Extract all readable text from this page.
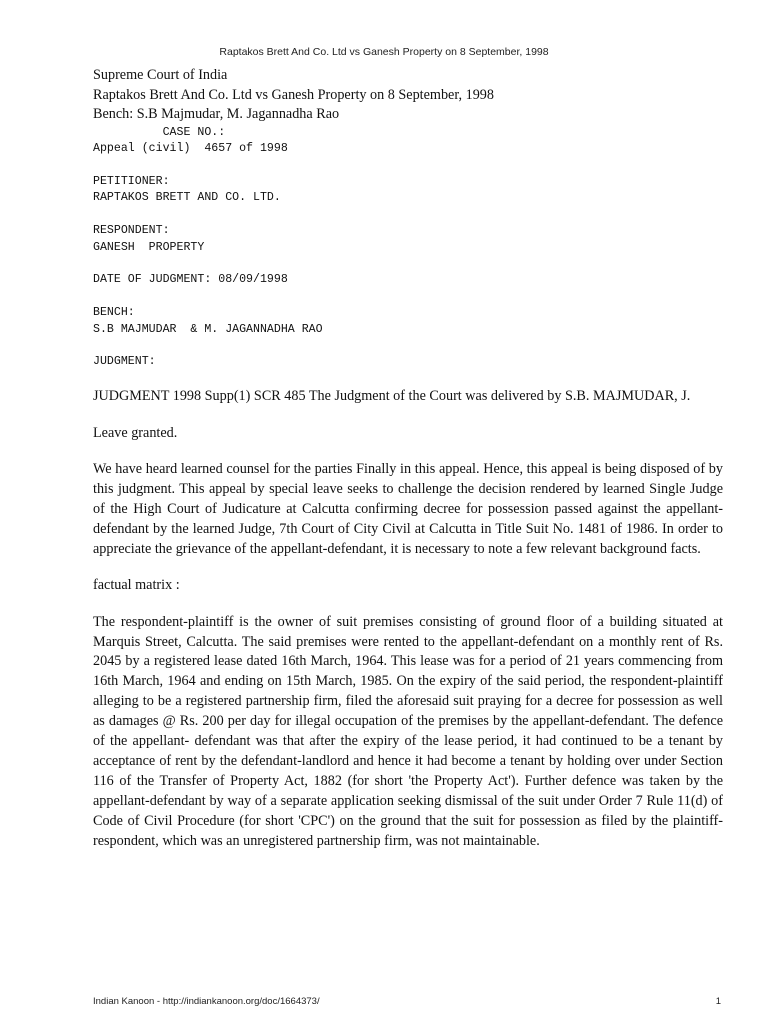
Raptakos Brett And Co. Ltd vs Ganesh Property on 8 September, 1998
Supreme Court of India
Raptakos Brett And Co. Ltd vs Ganesh Property on 8 September, 1998
Bench: S.B Majmudar, M. Jagannadha Rao
CASE NO.:
Appeal (civil)  4657 of 1998

PETITIONER:
RAPTAKOS BRETT AND CO. LTD.

RESPONDENT:
GANESH  PROPERTY

DATE OF JUDGMENT: 08/09/1998

BENCH:
S.B MAJMUDAR  & M. JAGANNADHA RAO

JUDGMENT:

JUDGMENT 1998 Supp(1) SCR 485 The Judgment of the Court was delivered by S.B. MAJMUDAR, J.

Leave granted.

We have heard learned counsel for the parties Finally in this appeal. Hence, this appeal is being disposed of by this judgment. This appeal by special leave seeks to challenge the decision rendered by learned Single Judge of the High Court of Judicature at Calcutta confirming decree for possession passed against the appellant-defendant by the learned Judge, 7th Court of City Civil at Calcutta in Title Suit No. 1481 of 1986. In order to appreciate the grievance of the appellant-defendant, it is necessary to note a few relevant background facts.

factual matrix :

The respondent-plaintiff is the owner of suit premises consisting of ground floor of a building situated at Marquis Street, Calcutta. The said premises were rented to the appellant-defendant on a monthly rent of Rs. 2045 by a registered lease dated 16th March, 1964. This lease was for a period of 21 years commencing from 16th March, 1964 and ending on 15th March, 1985. On the expiry of the said period, the respondent-plaintiff alleging to be a registered partnership firm, filed the aforesaid suit praying for a decree for possession as well as damages @ Rs. 200 per day for illegal occupation of the premises by the appellant-defendant. The defence of the appellant- defendant was that after the expiry of the lease period, it had continued to be a tenant by acceptance of rent by the defendant-landlord and hence it had become a tenant by holding over under Section 116 of the Transfer of Property Act, 1882 (for short 'the Property Act'). Further defence was taken by the appellant-defendant by way of a separate application seeking dismissal of the suit under Order 7 Rule 11(d) of Code of Civil Procedure (for short 'CPC') on the ground that the suit for possession as filed by the plaintiff-respondent, which was an unregistered partnership firm, was not maintainable.

Indian Kanoon - http://indiankanoon.org/doc/1664373/	1
